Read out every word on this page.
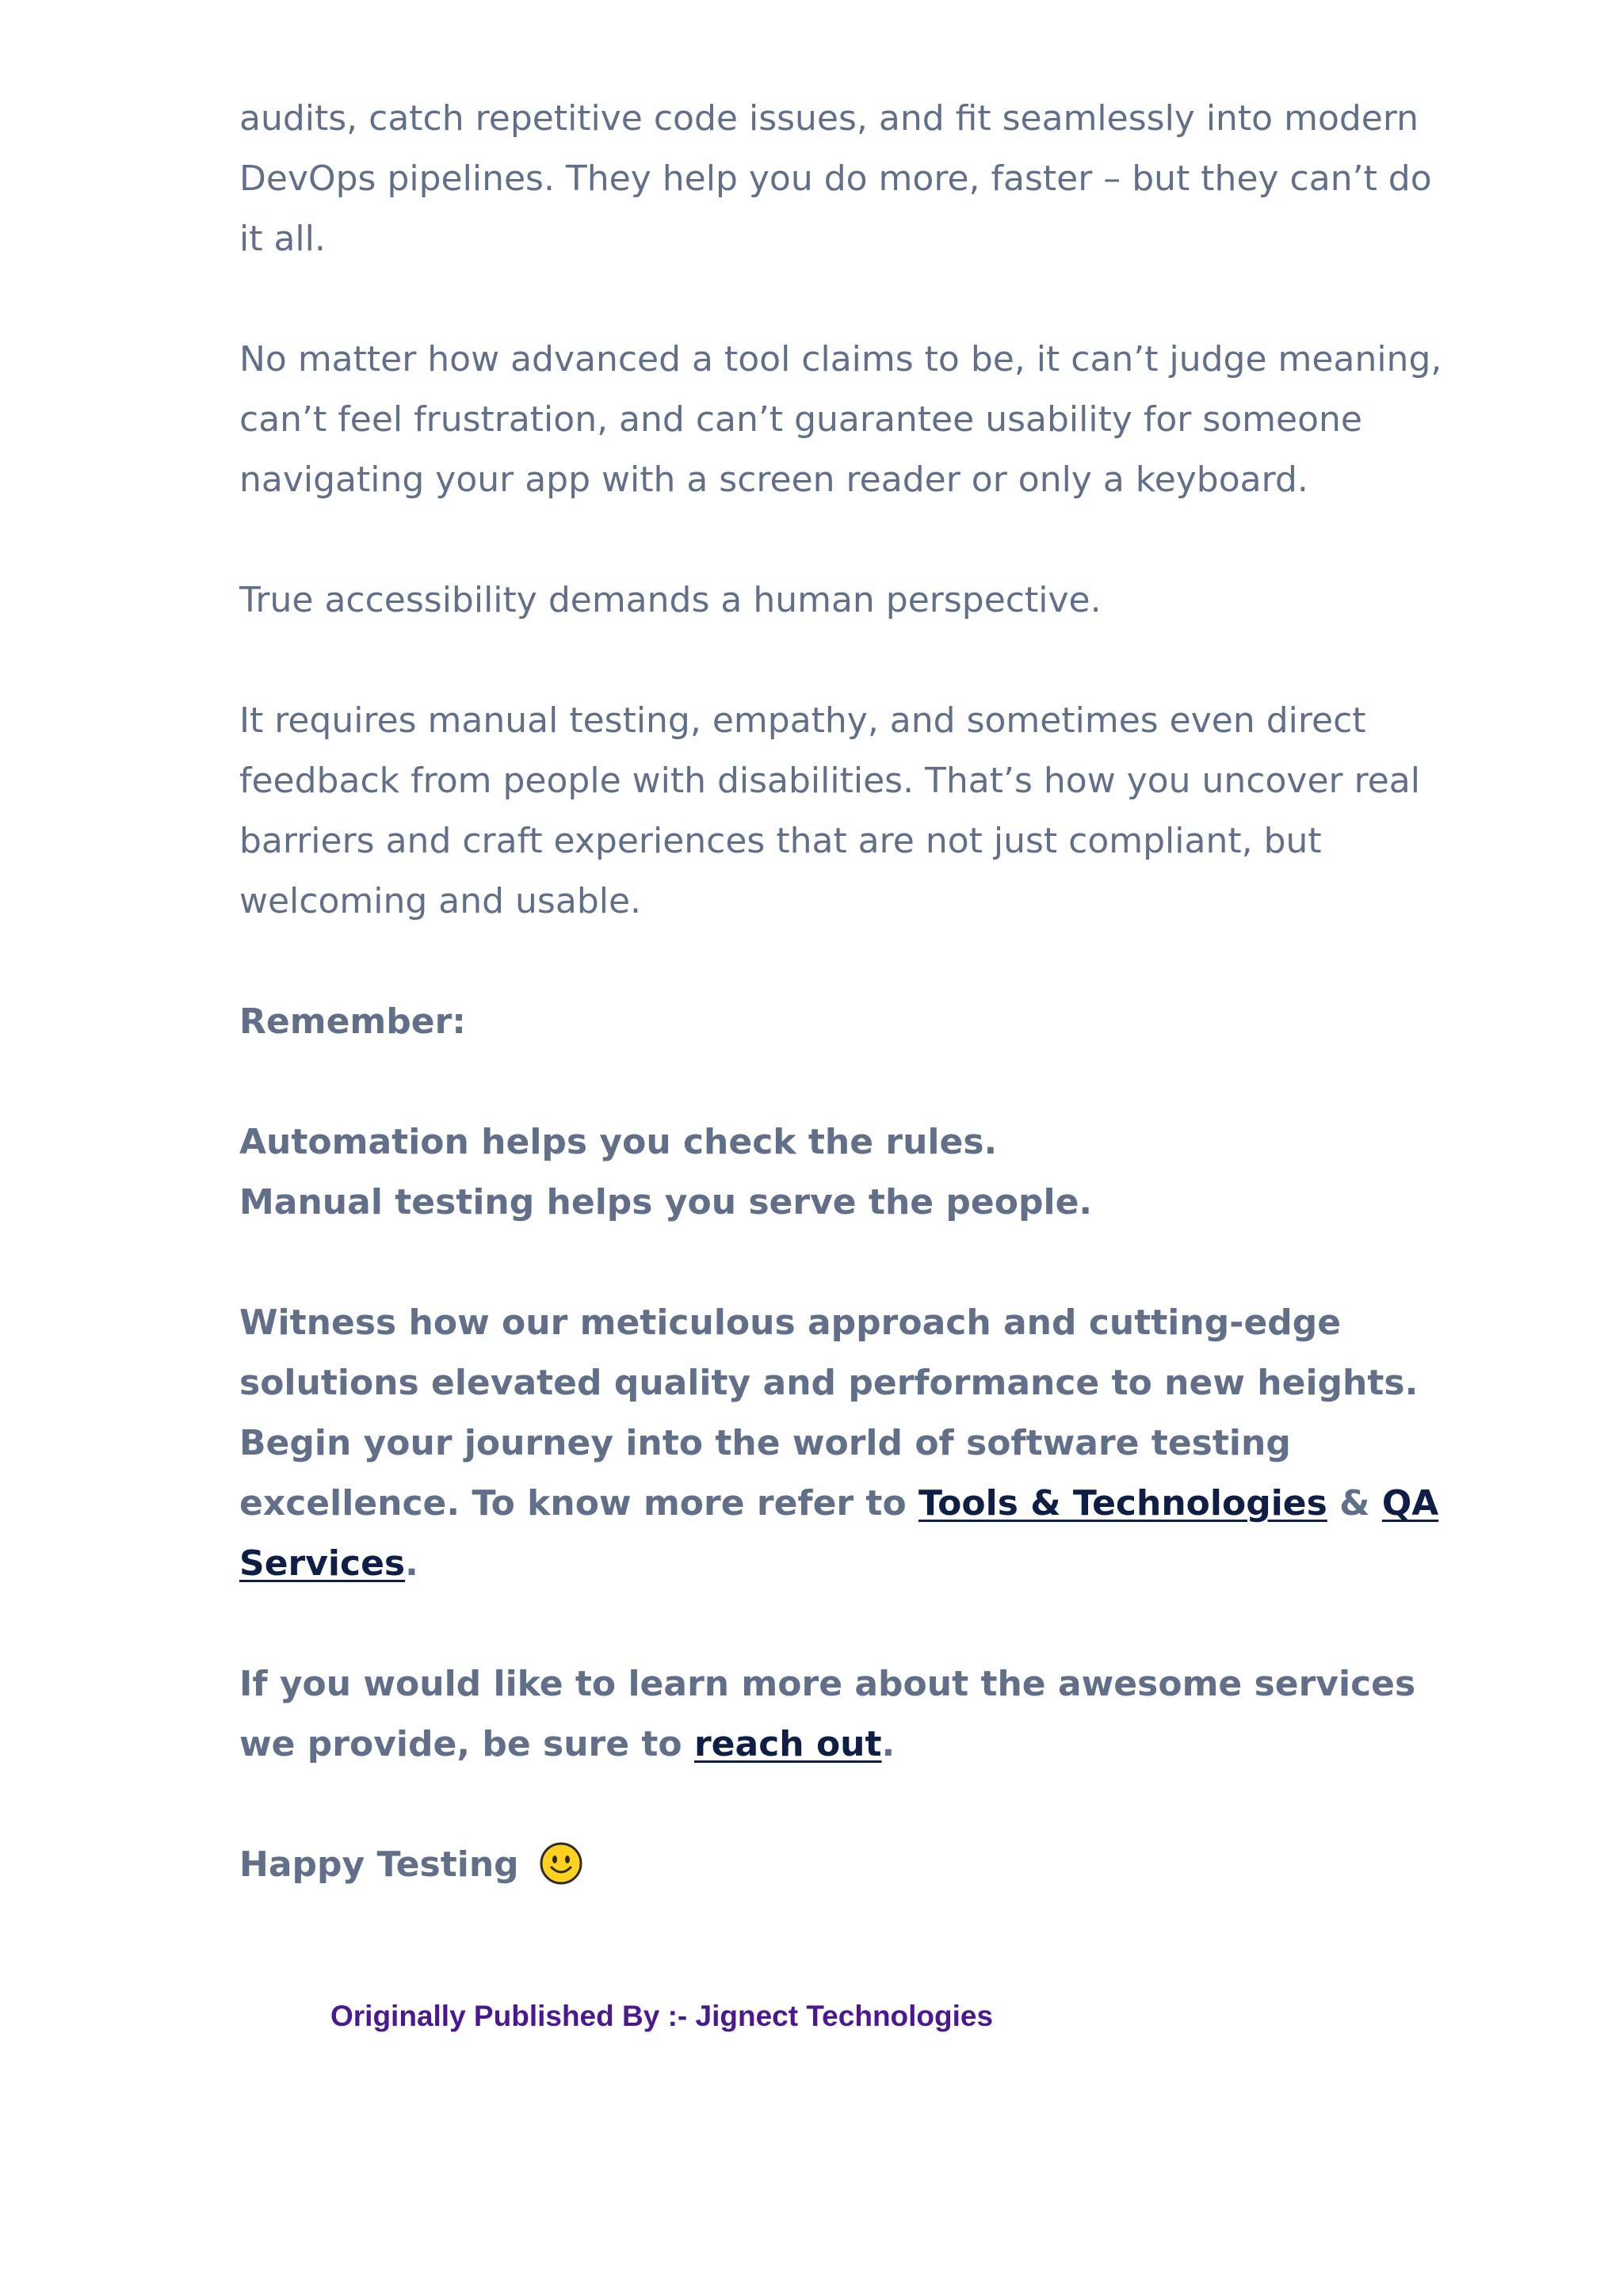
audits, catch repetitive code issues, and fit seamlessly into modern DevOps pipelines. They help you do more, faster – but they can’t do it all.

No matter how advanced a tool claims to be, it can’t judge meaning, can’t feel frustration, and can’t guarantee usability for someone navigating your app with a screen reader or only a keyboard.

True accessibility demands a human perspective.

It requires manual testing, empathy, and sometimes even direct feedback from people with disabilities. That’s how you uncover real barriers and craft experiences that are not just compliant, but welcoming and usable.

Remember:

Automation helps you check the rules.
Manual testing helps you serve the people.

Witness how our meticulous approach and cutting-edge solutions elevated quality and performance to new heights. Begin your journey into the world of software testing excellence. To know more refer to Tools & Technologies & QA Services.

If you would like to learn more about the awesome services we provide, be sure to reach out.

Happy Testing

Originally Published By :- Jignect Technologies
